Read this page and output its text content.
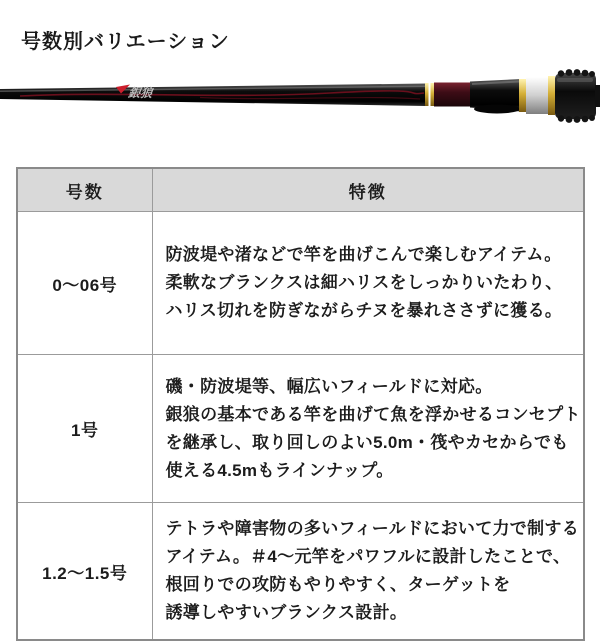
号数別バリエーション
銀狼
号数	特徴
0～06号	防波堤や渚などで竿を曲げこんで楽しむアイテム。
柔軟なブランクスは細ハリスをしっかりいたわり、
ハリス切れを防ぎながらチヌを暴れささずに獲る。

1号	磯・防波堤等、幅広いフィールドに対応。
銀狼の基本である竿を曲げて魚を浮かせるコンセプト
を継承し、取り回しのよい5.0m・筏やカセからでも
使える4.5mもラインナップ。

1.2～1.5号	テトラや障害物の多いフィールドにおいて力で制する
アイテム。＃4～元竿をパワフルに設計したことで、
根回りでの攻防もやりやすく、ターゲットを
誘導しやすいブランクス設計。
